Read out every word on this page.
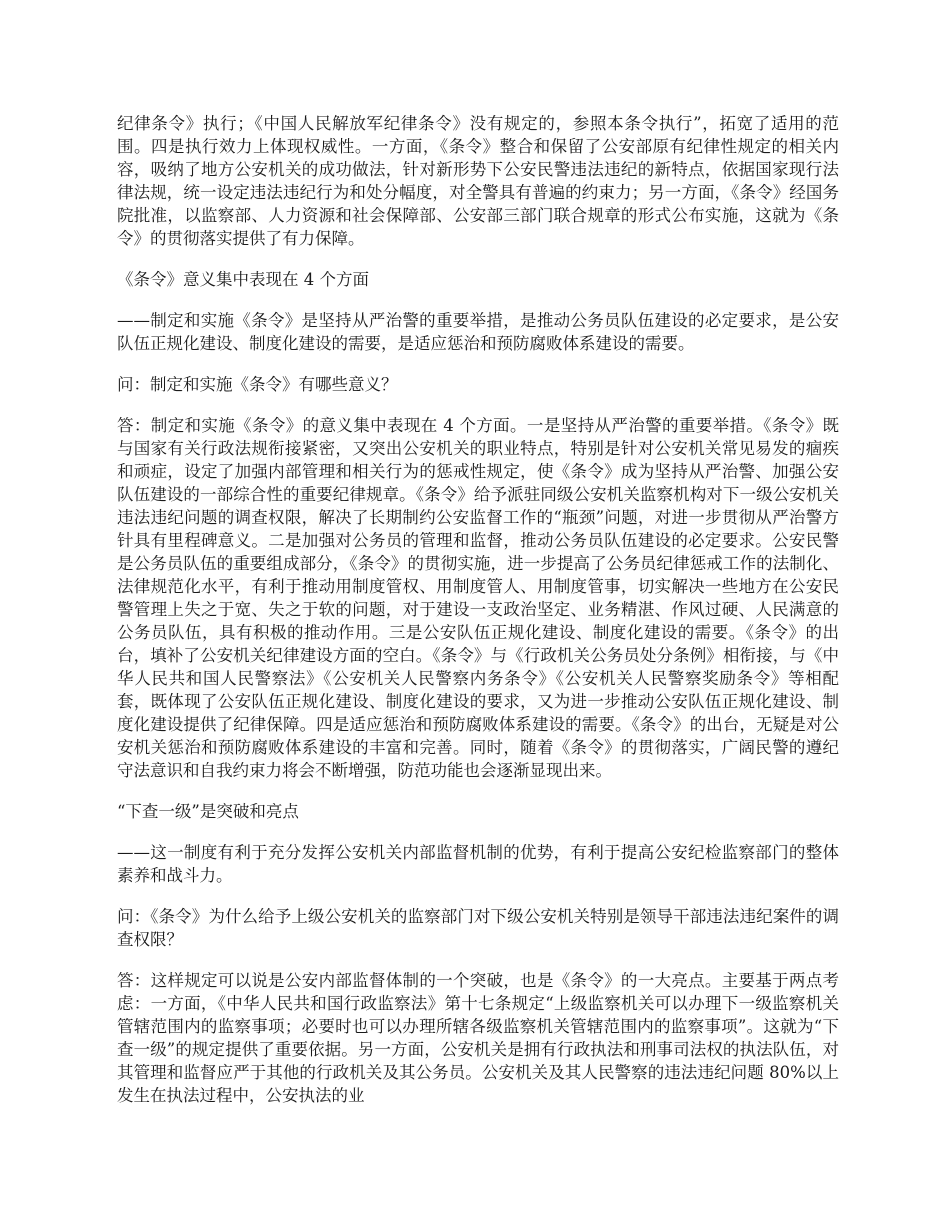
纪律条令》执行；《中国人民解放军纪律条令》没有规定的，参照本条令执行”，拓宽了适用的范围。四是执行效力上体现权威性。一方面，《条令》整合和保留了公安部原有纪律性规定的相关内容，吸纳了地方公安机关的成功做法，针对新形势下公安民警违法违纪的新特点，依据国家现行法律法规，统一设定违法违纪行为和处分幅度，对全警具有普遍的约束力；另一方面，《条令》经国务院批准，以监察部、人力资源和社会保障部、公安部三部门联合规章的形式公布实施，这就为《条令》的贯彻落实提供了有力保障。

《条令》意义集中表现在 4 个方面

——制定和实施《条令》是坚持从严治警的重要举措，是推动公务员队伍建设的必定要求，是公安队伍正规化建设、制度化建设的需要，是适应惩治和预防腐败体系建设的需要。

问：制定和实施《条令》有哪些意义？

答：制定和实施《条令》的意义集中表现在 4 个方面。一是坚持从严治警的重要举措。《条令》既与国家有关行政法规衔接紧密，又突出公安机关的职业特点，特别是针对公安机关常见易发的痼疾和顽症，设定了加强内部管理和相关行为的惩戒性规定，使《条令》成为坚持从严治警、加强公安队伍建设的一部综合性的重要纪律规章。《条令》给予派驻同级公安机关监察机构对下一级公安机关违法违纪问题的调查权限，解决了长期制约公安监督工作的“瓶颈”问题，对进一步贯彻从严治警方针具有里程碑意义。二是加强对公务员的管理和监督，推动公务员队伍建设的必定要求。公安民警是公务员队伍的重要组成部分，《条令》的贯彻实施，进一步提高了公务员纪律惩戒工作的法制化、法律规范化水平，有利于推动用制度管权、用制度管人、用制度管事，切实解决一些地方在公安民警管理上失之于宽、失之于软的问题，对于建设一支政治坚定、业务精湛、作风过硬、人民满意的公务员队伍，具有积极的推动作用。三是公安队伍正规化建设、制度化建设的需要。《条令》的出台，填补了公安机关纪律建设方面的空白。《条令》与《行政机关公务员处分条例》相衔接，与《中华人民共和国人民警察法》《公安机关人民警察内务条令》《公安机关人民警察奖励条令》等相配套，既体现了公安队伍正规化建设、制度化建设的要求，又为进一步推动公安队伍正规化建设、制度化建设提供了纪律保障。四是适应惩治和预防腐败体系建设的需要。《条令》的出台，无疑是对公安机关惩治和预防腐败体系建设的丰富和完善。同时，随着《条令》的贯彻落实，广阔民警的遵纪守法意识和自我约束力将会不断增强，防范功能也会逐渐显现出来。

“下查一级”是突破和亮点

——这一制度有利于充分发挥公安机关内部监督机制的优势，有利于提高公安纪检监察部门的整体素养和战斗力。

问：《条令》为什么给予上级公安机关的监察部门对下级公安机关特别是领导干部违法违纪案件的调查权限？

答：这样规定可以说是公安内部监督体制的一个突破，也是《条令》的一大亮点。主要基于两点考虑：一方面，《中华人民共和国行政监察法》第十七条规定“上级监察机关可以办理下一级监察机关管辖范围内的监察事项；必要时也可以办理所辖各级监察机关管辖范围内的监察事项”。这就为“下查一级”的规定提供了重要依据。另一方面，公安机关是拥有行政执法和刑事司法权的执法队伍，对其管理和监督应严于其他的行政机关及其公务员。公安机关及其人民警察的违法违纪问题 80%以上发生在执法过程中，公安执法的业
